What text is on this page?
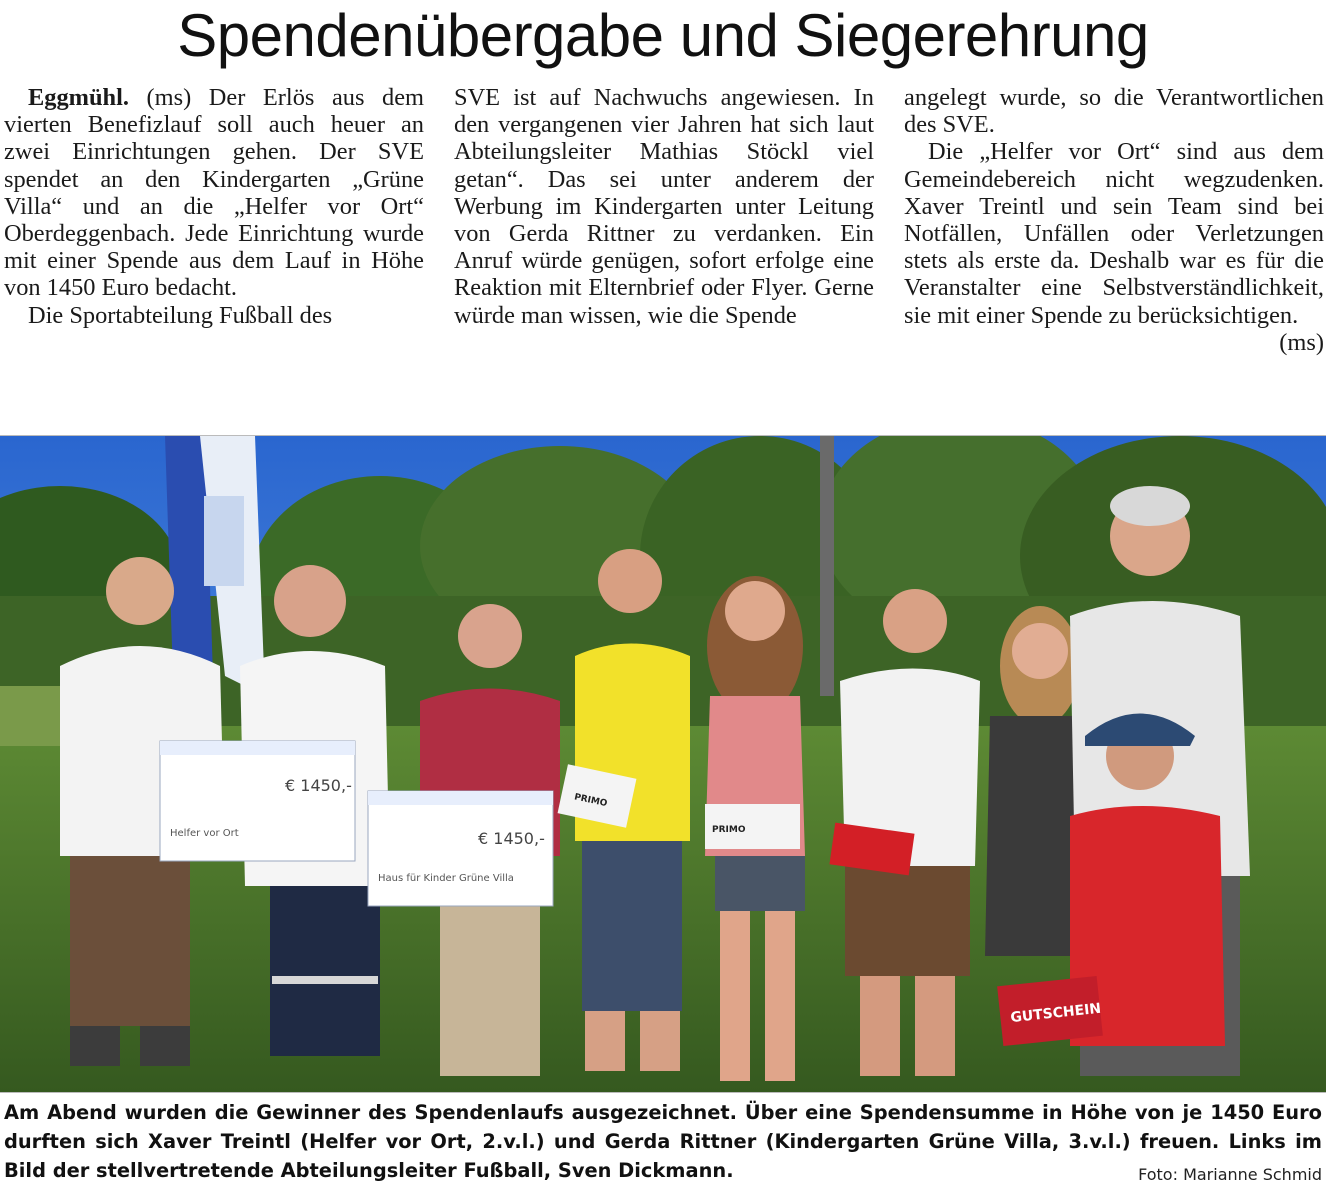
Spendenübergabe und Siegerehrung

Eggmühl. (ms) Der Erlös aus dem vierten Benefizlauf soll auch heuer an zwei Einrichtungen gehen. Der SVE spendet an den Kindergarten „Grüne Villa“ und an die „Helfer vor Ort“ Oberdeggenbach. Jede Einrichtung wurde mit einer Spende aus dem Lauf in Höhe von 1450 Euro bedacht.

Die Sportabteilung Fußball des

SVE ist auf Nachwuchs angewiesen. In den vergangenen vier Jahren hat sich laut Abteilungsleiter Mathias Stöckl viel getan“. Das sei unter anderem der Werbung im Kindergarten unter Leitung von Gerda Rittner zu verdanken. Ein Anruf würde genügen, sofort erfolge eine Reaktion mit Elternbrief oder Flyer. Gerne würde man wissen, wie die Spende

angelegt wurde, so die Verantwortlichen des SVE.

Die „Helfer vor Ort“ sind aus dem Gemeindebereich nicht wegzudenken. Xaver Treintl und sein Team sind bei Notfällen, Unfällen oder Verletzungen stets als erste da. Deshalb war es für die Veranstalter eine Selbstverständlichkeit, sie mit einer Spende zu berücksichtigen.
(ms)

€ 1450,-
Helfer vor Ort	€ 1450,-
Haus für Kinder Grüne Villa
PRIMO
PRIMO
GUTSCHEIN

Am Abend wurden die Gewinner des Spendenlaufs ausgezeichnet. Über eine Spendensumme in Höhe von je 1450 Euro durften sich Xaver Treintl (Helfer vor Ort, 2.v.l.) und Gerda Rittner (Kindergarten Grüne Villa, 3.v.l.) freuen. Links im Bild der stellvertretende Abteilungsleiter Fußball, Sven Dickmann.	Foto: Marianne Schmid
